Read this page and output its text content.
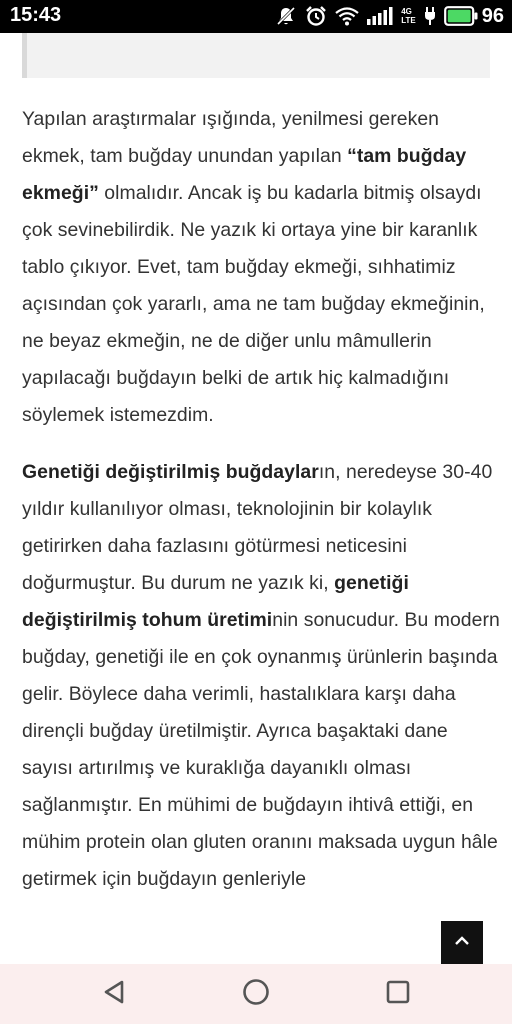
15:43	4G
LTE	96

Yapılan araştırmalar ışığında, yenilmesi gereken ekmek, tam buğday unundan yapılan “tam buğday ekmeği” olmalıdır. Ancak iş bu kadarla bitmiş olsaydı çok sevinebilirdik. Ne yazık ki ortaya yine bir karanlık tablo çıkıyor. Evet, tam buğday ekmeği, sıhhatimiz açısından çok yararlı, ama ne tam buğday ekmeğinin, ne beyaz ekmeğin, ne de diğer unlu mâmullerin yapılacağı buğdayın belki de artık hiç kalmadığını söylemek istemezdim.

Genetiği değiştirilmiş buğdayların, neredeyse 30-40 yıldır kullanılıyor olması, teknolojinin bir kolaylık getirirken daha fazlasını götürmesi neticesini doğurmuştur. Bu durum ne yazık ki, genetiği değiştirilmiş tohum üretiminin sonucudur. Bu modern buğday, genetiği ile en çok oynanmış ürünlerin başında gelir. Böylece daha verimli, hastalıklara karşı daha dirençli buğday üretilmiştir. Ayrıca başaktaki dane sayısı artırılmış ve kuraklığa dayanıklı olması sağlanmıştır. En mühimi de buğdayın ihtivâ ettiği, en mühim protein olan gluten oranını maksada uygun hâle getirmek için buğdayın genleriyle
